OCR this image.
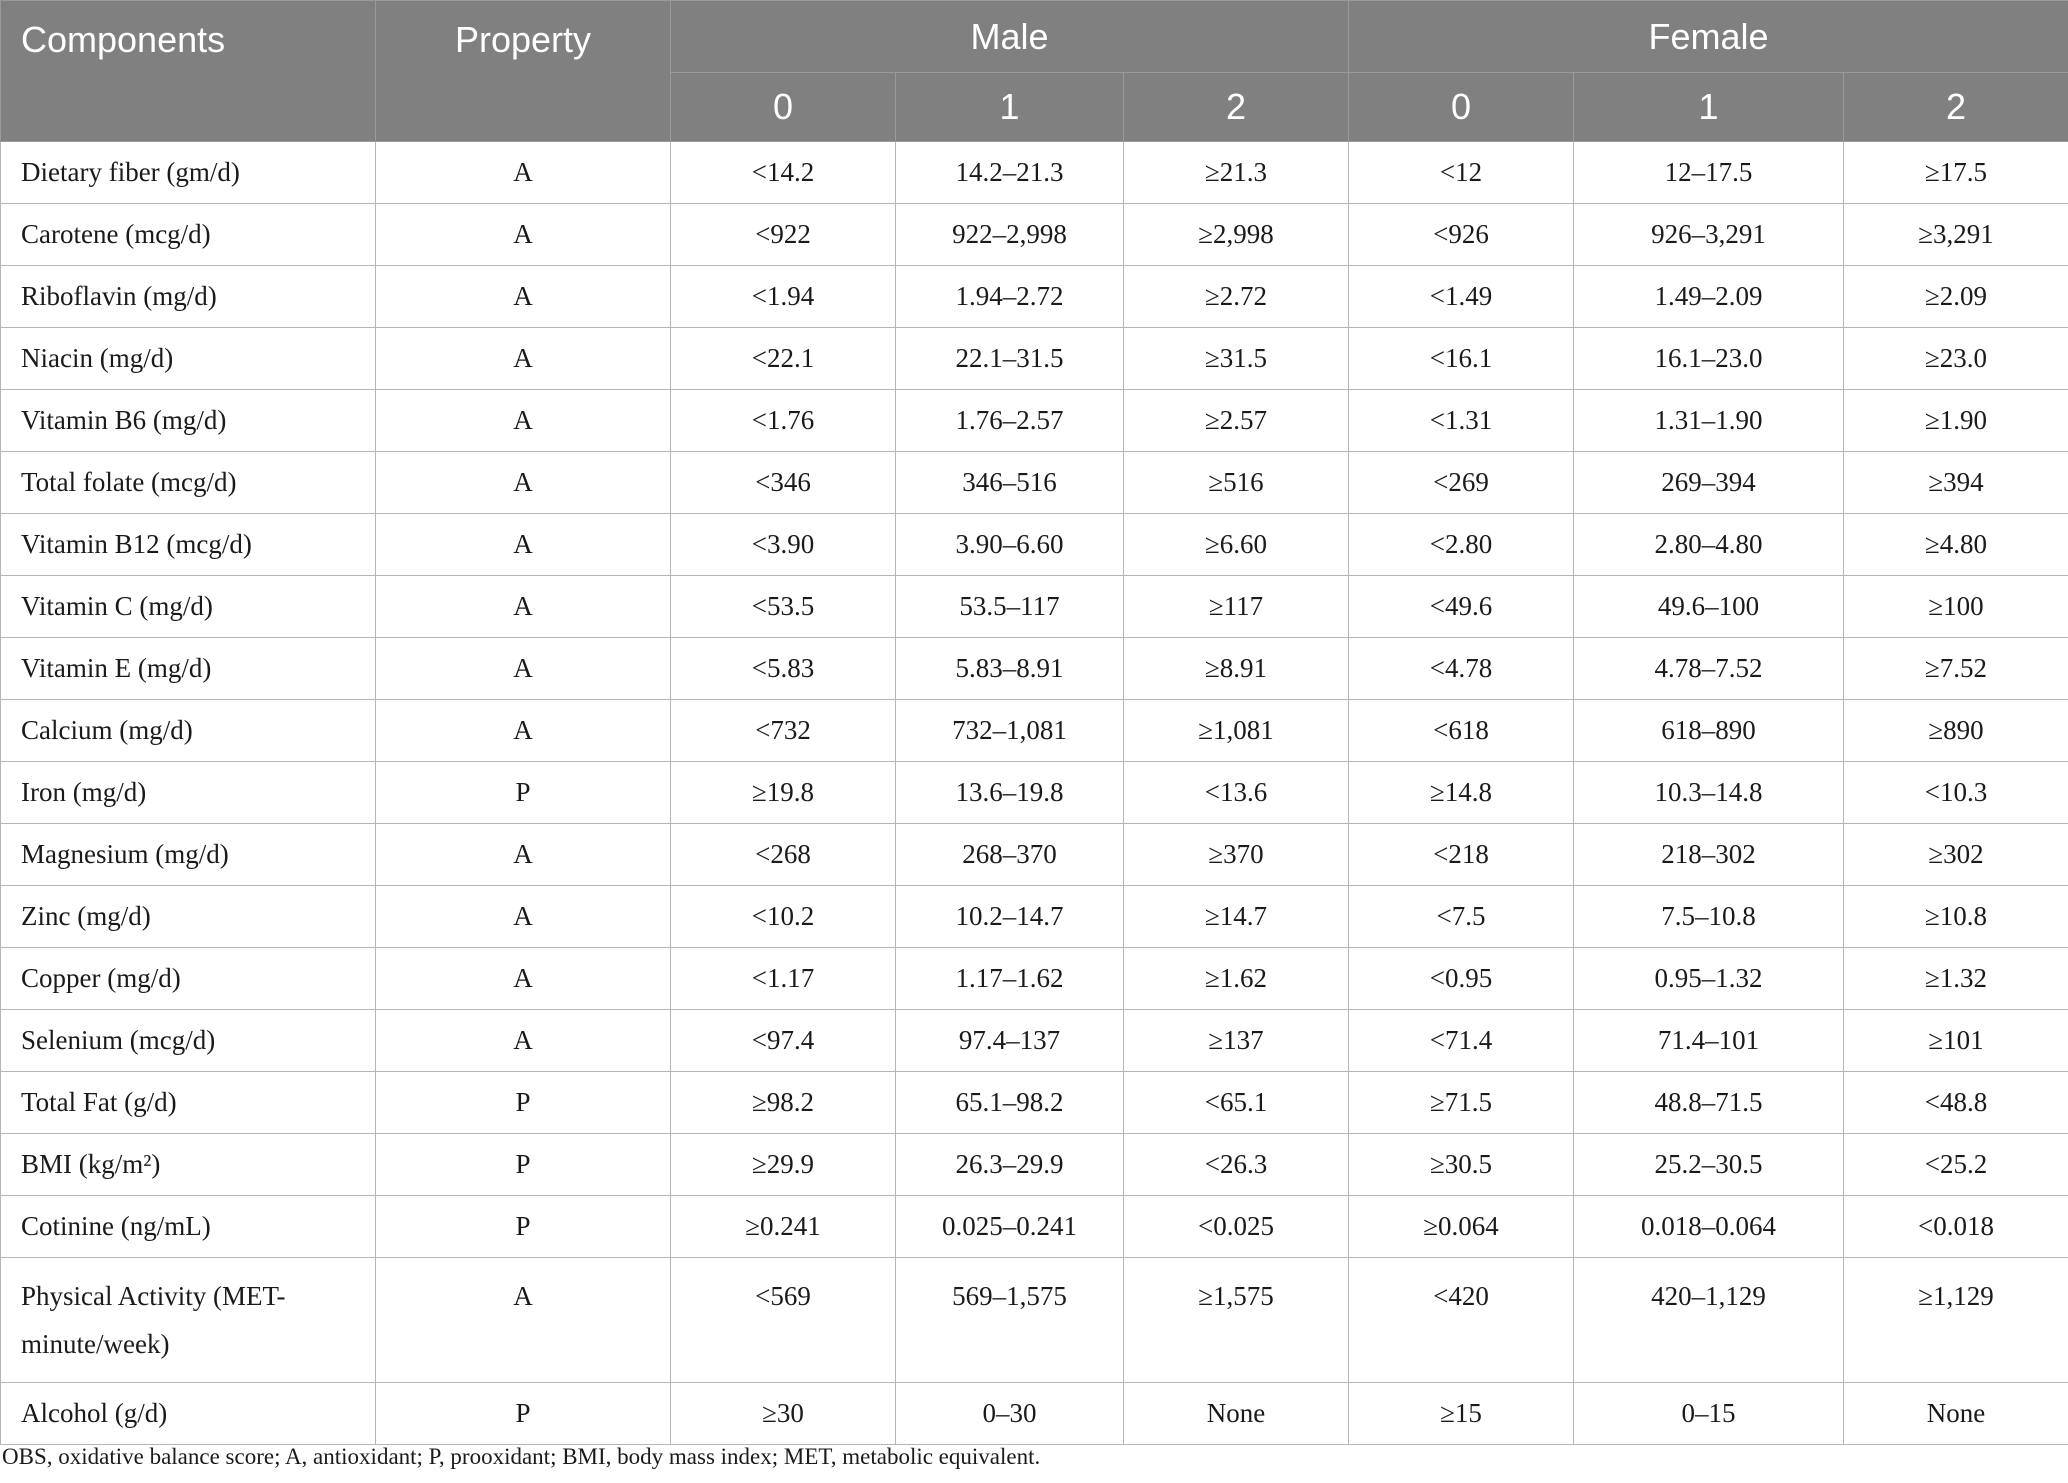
Components	Property	Male			Female		
		0	1	2	0	1	2
Dietary fiber (gm/d)	A	<14.2	14.2–21.3	≥21.3	<12	12–17.5	≥17.5
Carotene (mcg/d)	A	<922	922–2,998	≥2,998	<926	926–3,291	≥3,291
Riboflavin (mg/d)	A	<1.94	1.94–2.72	≥2.72	<1.49	1.49–2.09	≥2.09
Niacin (mg/d)	A	<22.1	22.1–31.5	≥31.5	<16.1	16.1–23.0	≥23.0
Vitamin B6 (mg/d)	A	<1.76	1.76–2.57	≥2.57	<1.31	1.31–1.90	≥1.90
Total folate (mcg/d)	A	<346	346–516	≥516	<269	269–394	≥394
Vitamin B12 (mcg/d)	A	<3.90	3.90–6.60	≥6.60	<2.80	2.80–4.80	≥4.80
Vitamin C (mg/d)	A	<53.5	53.5–117	≥117	<49.6	49.6–100	≥100
Vitamin E (mg/d)	A	<5.83	5.83–8.91	≥8.91	<4.78	4.78–7.52	≥7.52
Calcium (mg/d)	A	<732	732–1,081	≥1,081	<618	618–890	≥890
Iron (mg/d)	P	≥19.8	13.6–19.8	<13.6	≥14.8	10.3–14.8	<10.3
Magnesium (mg/d)	A	<268	268–370	≥370	<218	218–302	≥302
Zinc (mg/d)	A	<10.2	10.2–14.7	≥14.7	<7.5	7.5–10.8	≥10.8
Copper (mg/d)	A	<1.17	1.17–1.62	≥1.62	<0.95	0.95–1.32	≥1.32
Selenium (mcg/d)	A	<97.4	97.4–137	≥137	<71.4	71.4–101	≥101
Total Fat (g/d)	P	≥98.2	65.1–98.2	<65.1	≥71.5	48.8–71.5	<48.8
BMI (kg/m²)	P	≥29.9	26.3–29.9	<26.3	≥30.5	25.2–30.5	<25.2
Cotinine (ng/mL)	P	≥0.241	0.025–0.241	<0.025	≥0.064	0.018–0.064	<0.018
Physical Activity (MET-minute/week)	A	<569	569–1,575	≥1,575	<420	420–1,129	≥1,129
Alcohol (g/d)	P	≥30	0–30	None	≥15	0–15	None
OBS, oxidative balance score; A, antioxidant; P, prooxidant; BMI, body mass index; MET, metabolic equivalent.
